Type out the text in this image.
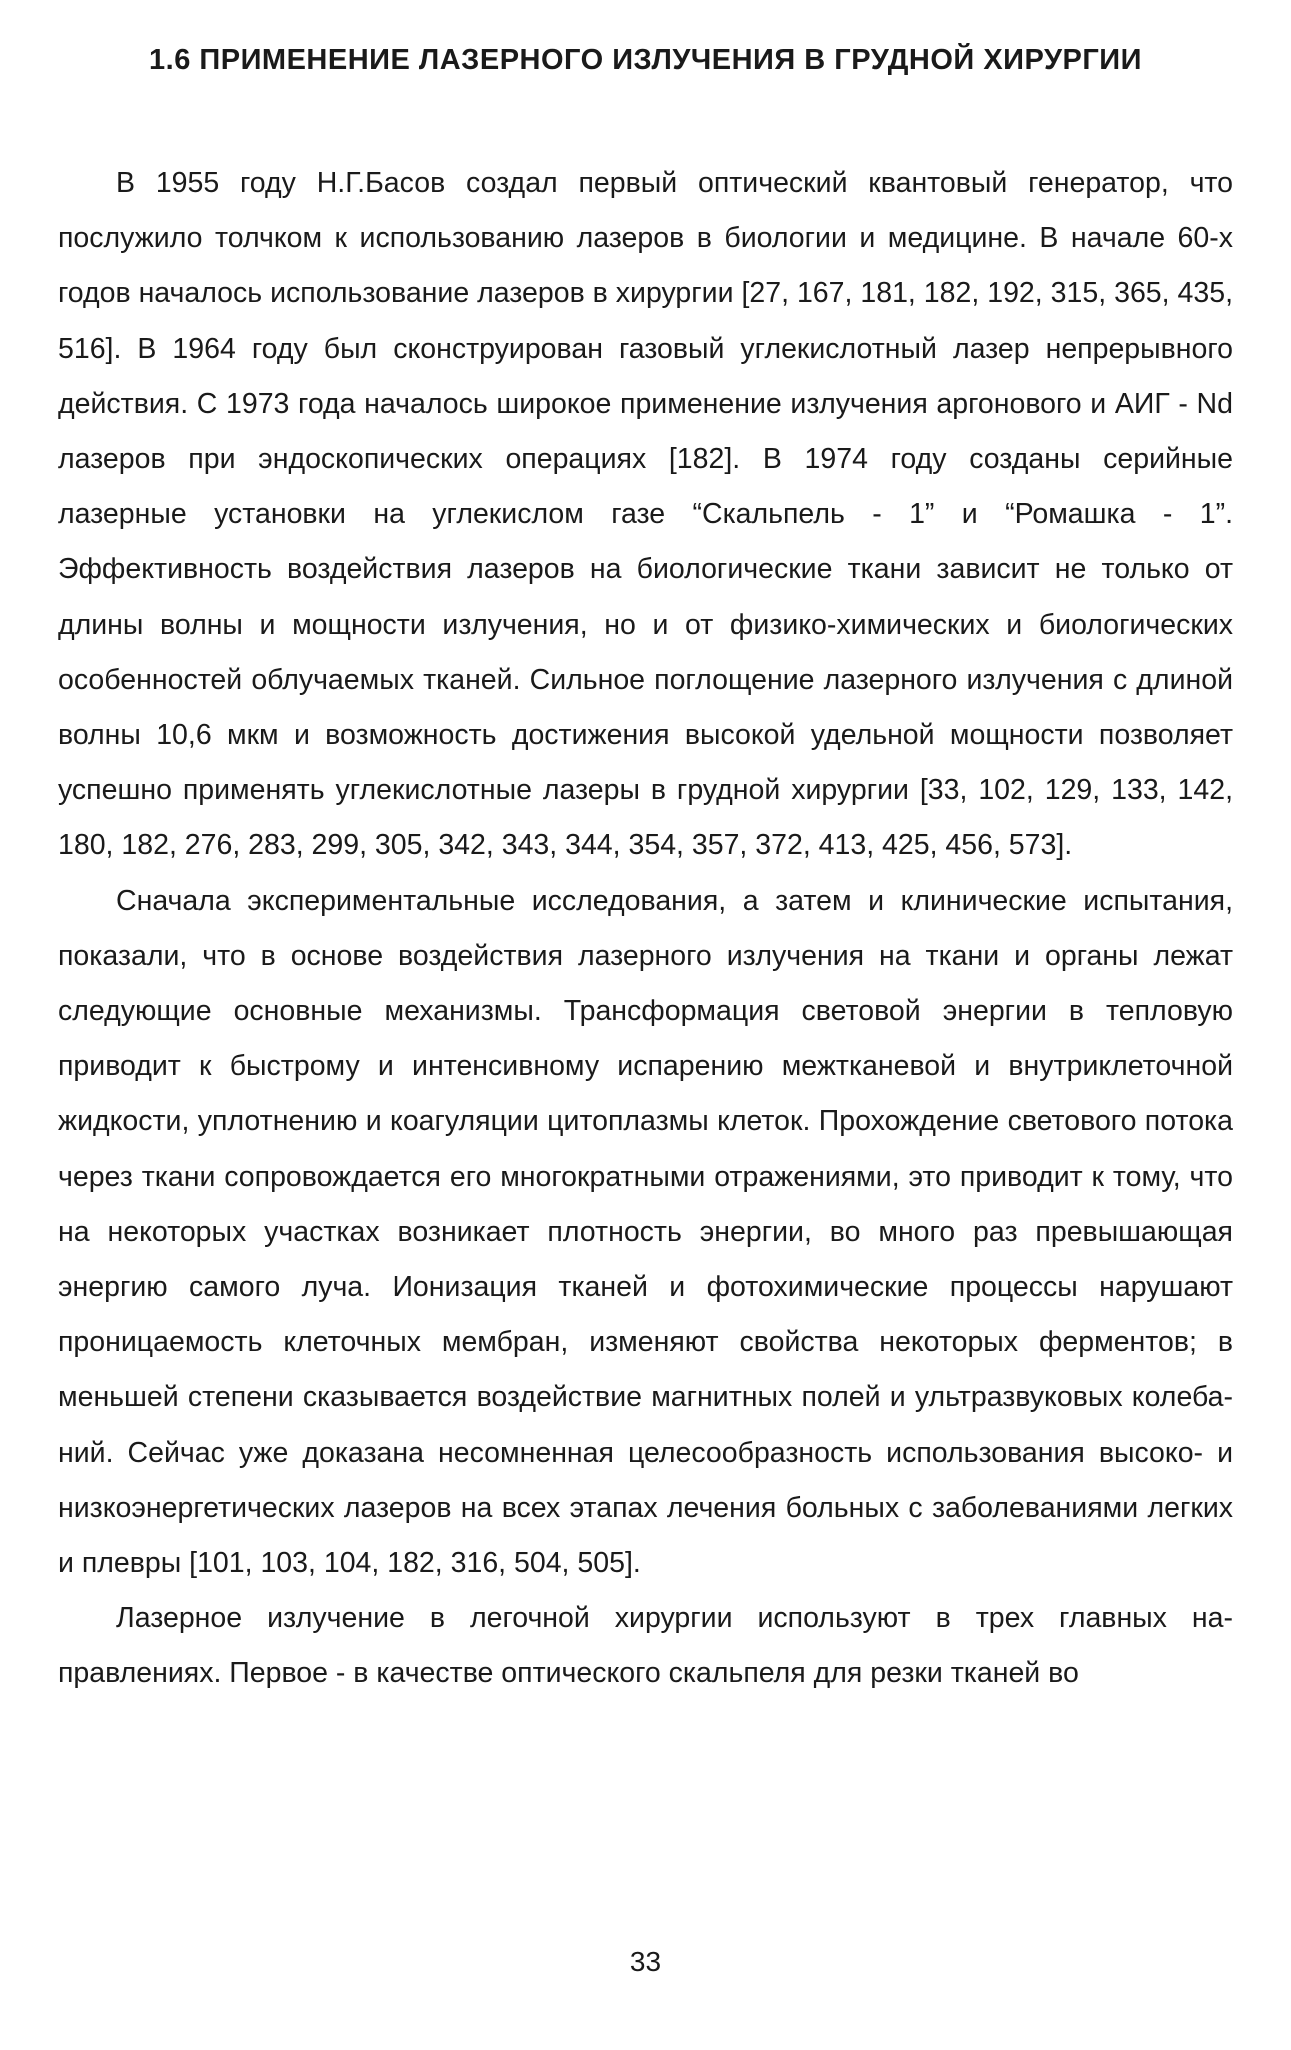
1.6 ПРИМЕНЕНИЕ ЛАЗЕРНОГО ИЗЛУЧЕНИЯ В ГРУДНОЙ ХИРУРГИИ

В 1955 году Н.Г.Басов создал первый оптический квантовый генератор, что послужило толчком к использованию лазеров в биологии и медицине. В начале 60-х годов началось использование лазеров в хирургии [27, 167, 181, 182, 192, 315, 365, 435, 516]. В 1964 году был сконструирован газовый углекислотный лазер непрерывного действия. С 1973 года началось широкое применение излучения аргонового и АИГ - Nd лазеров при эндоскопических операциях [182]. В 1974 году созданы серийные лазерные установки на углекислом газе “Скальпель - 1” и “Ромашка - 1”. Эффективность воздействия лазеров на биологические ткани зависит не только от длины волны и мощности излучения, но и от физико-химических и биологических особенностей облучаемых тканей. Сильное поглощение лазерного излучения с длиной волны 10,6 мкм и возможность достижения высокой удельной мощности позволяет успешно применять углекислотные лазеры в грудной хирургии [33, 102, 129, 133, 142, 180, 182, 276, 283, 299, 305, 342, 343, 344, 354, 357, 372, 413, 425, 456, 573].

Сначала экспериментальные исследования, а затем и клинические испытания, показали, что в основе воздействия лазерного излучения на ткани и органы лежат следующие основные механизмы. Трансформация световой энергии в тепловую приводит к быстрому и интенсивному испарению межтканевой и внутриклеточной жидкости, уплотнению и коагуляции цитоплазмы клеток. Прохождение светового потока через ткани сопровождается его многократными отражениями, это приводит к тому, что на некоторых участках возникает плотность энергии, во много раз превышающая энергию самого луча. Ионизация тканей и фотохимические процессы нарушают проницаемость клеточных мембран, изменяют свойства некоторых ферментов; в меньшей степени сказывается воздействие магнитных полей и ультразвуковых колебаний. Сейчас уже доказана несомненная целесообразность использования высоко- и низкоэнергетических лазеров на всех этапах лечения больных с заболеваниями легких и плевры [101, 103, 104, 182, 316, 504, 505].

Лазерное излучение в легочной хирургии используют в трех главных направлениях. Первое - в качестве оптического скальпеля для резки тканей во

33
